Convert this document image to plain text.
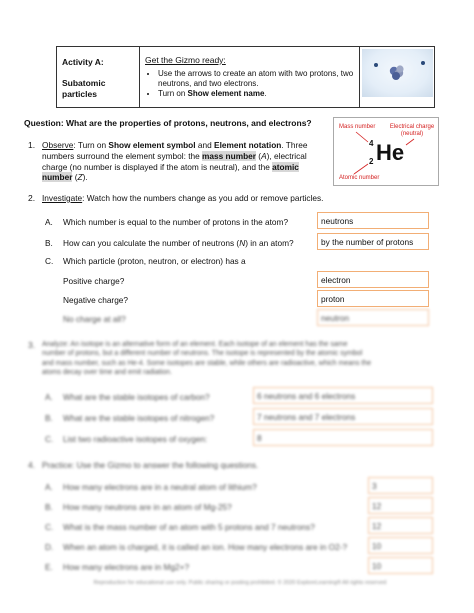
Activity A:
Subatomic
particles
Get the Gizmo ready:
• Use the arrows to create an atom with two protons, two neutrons, and two electrons.
• Turn on Show element name.
Question: What are the properties of protons, neutrons, and electrons?	Mass number Electrical charge
(neutral)
4
2 He
Atomic number
1. Observe: Turn on Show element symbol and Element notation. Three
numbers surround the element symbol: the mass number (A), electrical
charge (no number is displayed if the atom is neutral), and the atomic
number (Z).
2. Investigate: Watch how the numbers change as you add or remove particles.
A. Which number is equal to the number of protons in the atom?	neutrons
B. How can you calculate the number of neutrons (N) in an atom?	by the number of protons
C. Which particle (proton, neutron, or electron) has a
Positive charge?	electron
Negative charge?	proton
No charge at all?	neutron
3. Analyze: An isotope is an alternative form of an element. Each isotope of an element has the same
number of protons, but a different number of neutrons. The isotope is represented by the atomic symbol
and mass number, such as He-4. Some isotopes are stable, while others are radioactive, which means the
atoms decay over time and emit radiation.
A. What are the stable isotopes of carbon?	6 neutrons and 6 electrons
B. What are the stable isotopes of nitrogen?	7 neutrons and 7 electrons
C. List two radioactive isotopes of oxygen:	8
4. Practice: Use the Gizmo to answer the following questions.
A. How many electrons are in a neutral atom of lithium?	3
B. How many neutrons are in an atom of Mg-25?	12
C. What is the mass number of an atom with 5 protons and 7 neutrons?	12
D. When an atom is charged, it is called an ion. How many electrons are in O2-?	10
E. How many electrons are in Mg2+?	10
Reproduction for educational use only. Public sharing or posting prohibited. © 2020 ExploreLearning® All rights reserved
